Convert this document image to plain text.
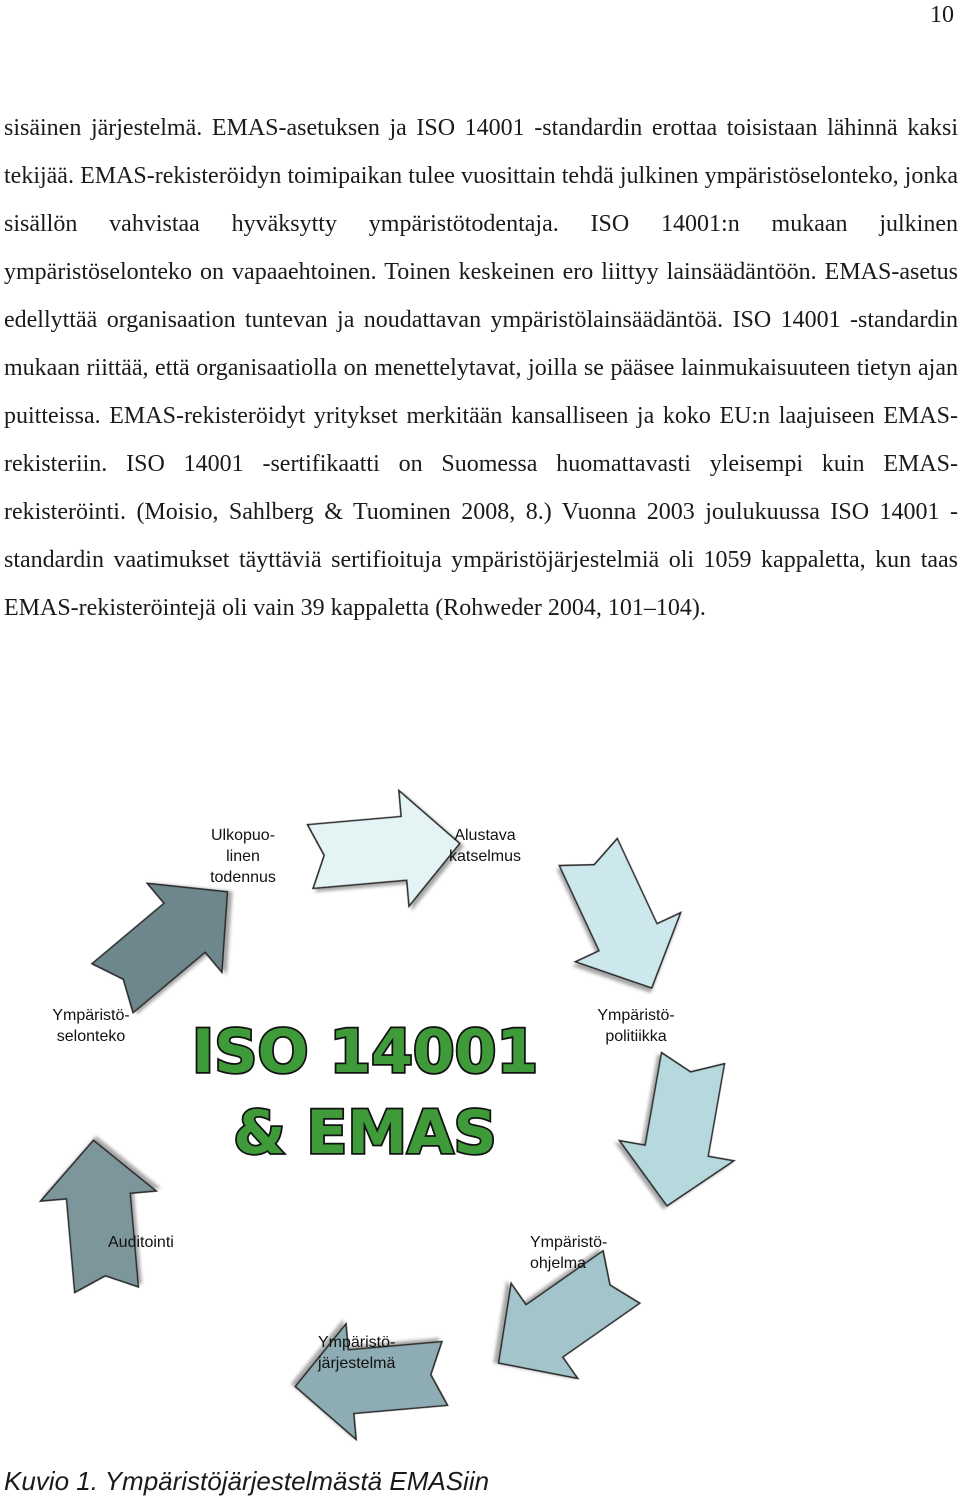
10

sisäinen järjestelmä. EMAS-asetuksen ja ISO 14001 -standardin erottaa toisistaan lähinnä kaksi tekijää. EMAS-rekisteröidyn toimipaikan tulee vuosittain tehdä julkinen ympäristöselonteko, jonka sisällön vahvistaa hyväksytty ympäristötodentaja. ISO 14001:n mukaan julkinen ympäristöselonteko on vapaaehtoinen. Toinen keskeinen ero liittyy lainsäädäntöön. EMAS-asetus edellyttää organisaation tuntevan ja noudattavan ympäristölainsäädäntöä. ISO 14001 -standardin mukaan riittää, että organisaatiolla on menettelytavat, joilla se pääsee lainmukaisuuteen tietyn ajan puitteissa. EMAS-rekisteröidyt yritykset merkitään kansalliseen ja koko EU:n laajuiseen EMAS-rekisteriin. ISO 14001 -sertifikaatti on Suomessa huomattavasti yleisempi kuin EMAS-rekisteröinti. (Moisio, Sahlberg & Tuominen 2008, 8.) Vuonna 2003 joulukuussa ISO 14001 -standardin vaatimukset täyttäviä sertifioituja ympäristöjärjestelmiä oli 1059 kappaletta, kun taas EMAS-rekisteröintejä oli vain 39 kappaletta (Rohweder 2004, 101–104).

ISO 14001
& EMAS
Ulkopuo-
linen
todennus
Alustava
katselmus
Ympäristö-
politiikka
Ympäristö-
ohjelma
Ympäristö-
järjestelmä
Auditointi
Ympäristö-
selonteko
Kuvio 1. Ympäristöjärjestelmästä EMASiin
